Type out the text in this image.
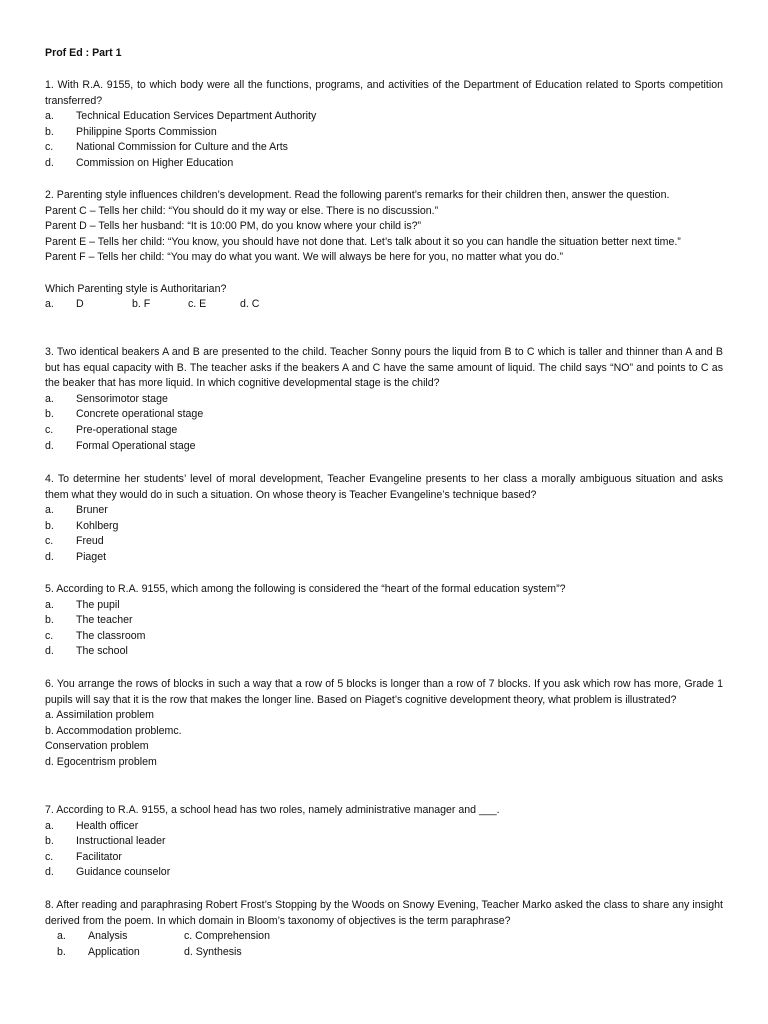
Prof Ed : Part 1
1. With R.A. 9155, to which body were all the functions, programs, and activities of the Department of Education related to Sports competition transferred?
a.	Technical Education Services Department Authority
b.	Philippine Sports Commission
c.	National Commission for Culture and the Arts
d.	Commission on Higher Education
2. Parenting style influences children’s development. Read the following parent’s remarks for their children then, answer the question.
Parent C – Tells her child: “You should do it my way or else. There is no discussion.”
Parent D – Tells her husband: “It is 10:00 PM, do you know where your child is?”
Parent E – Tells her child: “You know, you should have not done that. Let’s talk about it so you can handle the situation better next time.”
Parent F – Tells her child: “You may do what you want. We will always be here for you, no matter what you do.”
Which Parenting style is Authoritarian?
a. D	b. F	c. E	d. C
3. Two identical beakers A and B are presented to the child. Teacher Sonny pours the liquid from B to C which is taller and thinner than A and B but has equal capacity with B. The teacher asks if the beakers A and C have the same amount of liquid. The child says “NO” and points to C as the beaker that has more liquid. In which cognitive developmental stage is the child?
a.	Sensorimotor stage
b.	Concrete operational stage
c.	Pre-operational stage
d.	Formal Operational stage
4. To determine her students’ level of moral development, Teacher Evangeline presents to her class a morally ambiguous situation and asks them what they would do in such a situation. On whose theory is Teacher Evangeline’s technique based?
a.	Bruner
b.	Kohlberg
c.	Freud
d.	Piaget
5. According to R.A. 9155, which among the following is considered the “heart of the formal education system”?
a.	The pupil
b.	The teacher
c.	The classroom
d.	The school
6. You arrange the rows of blocks in such a way that a row of 5 blocks is longer than a row of 7 blocks. If you ask which row has more, Grade 1 pupils will say that it is the row that makes the longer line. Based on Piaget’s cognitive development theory, what problem is illustrated?
a. Assimilation problem
b. Accommodation problemc.
Conservation problem
d. Egocentrism problem
7. According to R.A. 9155, a school head has two roles, namely administrative manager and ___.
a.	Health officer
b.	Instructional leader
c.	Facilitator
d.	Guidance counselor
8. After reading and paraphrasing Robert Frost’s Stopping by the Woods on Snowy Evening, Teacher Marko asked the class to share any insight derived from the poem. In which domain in Bloom’s taxonomy of objectives is the term paraphrase?
a.	Analysis	c. Comprehension
b.	Application	d. Synthesis
